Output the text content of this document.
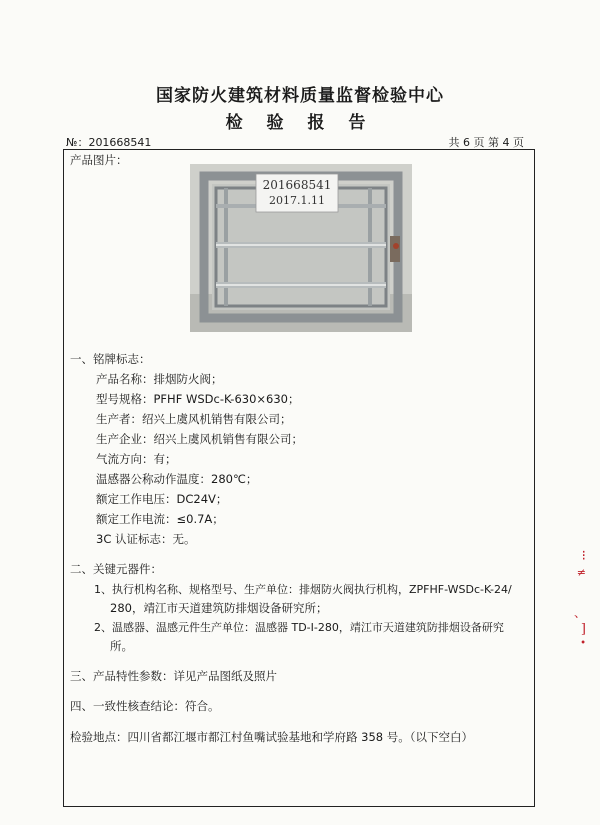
国家防火建筑材料质量监督检验中心
检 验 报 告
№：201668541	共 6 页 第 4 页
产品图片：
201668541
2017.1.11
一、铭牌标志：
产品名称：排烟防火阀；
型号规格：PFHF WSDc-K-630×630；
生产者：绍兴上虞风机销售有限公司；
生产企业：绍兴上虞风机销售有限公司；
气流方向：有；
温感器公称动作温度：280℃；
额定工作电压：DC24V；
额定工作电流：≤0.7A；
3C 认证标志：无。
二、关键元器件：
1、执行机构名称、规格型号、生产单位：排烟防火阀执行机构，ZPFHF-WSDc-K-24/
280，靖江市天道建筑防排烟设备研究所；
2、温感器、温感元件生产单位：温感器 TD-Ⅰ-280，靖江市天道建筑防排烟设备研究
所。
三、产品特性参数：详见产品图纸及照片
四、一致性核查结论：符合。
检验地点：四川省都江堰市都江村鱼嘴试验基地和学府路 358 号。（以下空白）
⁝
≠
、
]
•
